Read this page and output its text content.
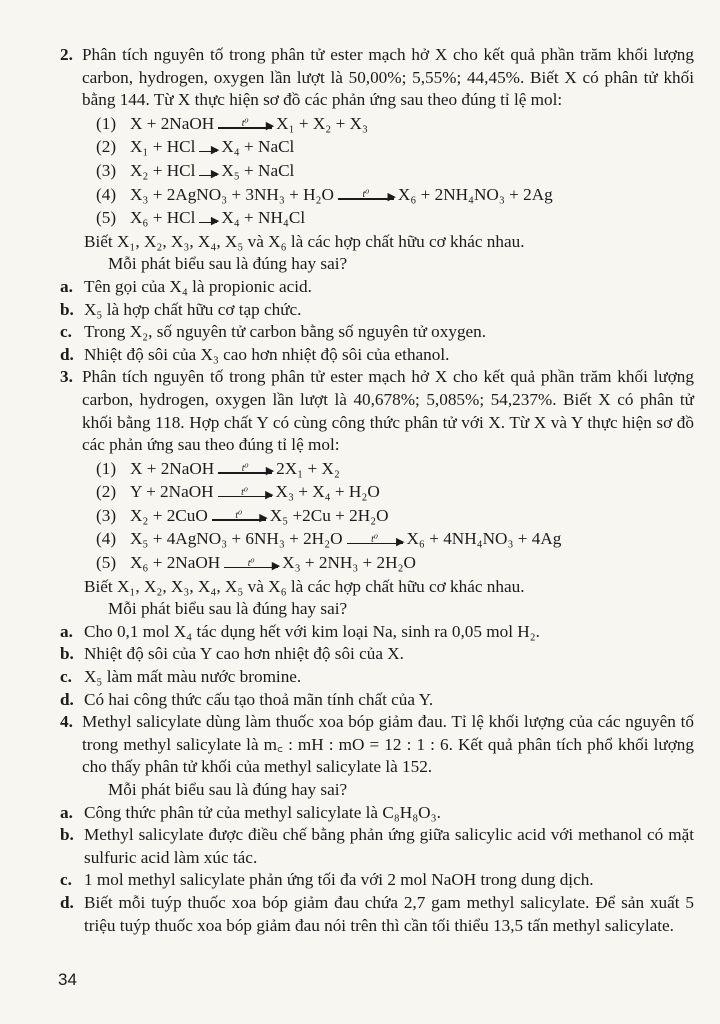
2. Phân tích nguyên tố trong phân tử ester mạch hở X cho kết quả phần trăm khối lượng carbon, hydrogen, oxygen lần lượt là 50,00%; 5,55%; 44,45%. Biết X có phân tử khối bằng 144. Từ X thực hiện sơ đồ các phản ứng sau theo đúng tỉ lệ mol:
(1) X + 2NaOH	t⁰ ▶ X₁ + X₂ + X₃
(2) X₁ + HCl ▶ X₄ + NaCl
(3) X₂ + HCl ▶ X₅ + NaCl
(4) X₃ + 2AgNO₃ + 3NH₃ + H₂O	t⁰ ▶ X₆ + 2NH₄NO₃ + 2Ag
(5) X₆ + HCl ▶ X₄ + NH₄Cl
Biết X₁, X₂, X₃, X₄, X₅ và X₆ là các hợp chất hữu cơ khác nhau.
Mỗi phát biểu sau là đúng hay sai?
a. Tên gọi của X₄ là propionic acid.
b. X₅ là hợp chất hữu cơ tạp chức.
c. Trong X₂, số nguyên tử carbon bằng số nguyên tử oxygen.
d. Nhiệt độ sôi của X₃ cao hơn nhiệt độ sôi của ethanol.
3. Phân tích nguyên tố trong phân tử ester mạch hở X cho kết quả phần trăm khối lượng carbon, hydrogen, oxygen lần lượt là 40,678%; 5,085%; 54,237%. Biết X có phân tử khối bằng 118. Hợp chất Y có cùng công thức phân tử với X. Từ X và Y thực hiện sơ đồ các phản ứng sau theo đúng tỉ lệ mol:
(1) X + 2NaOH	t⁰ ▶ 2X₁ + X₂
(2) Y + 2NaOH	t⁰ ▶ X₃ + X₄ + H₂O
(3) X₂ + 2CuO	t⁰ ▶ X₅ +2Cu + 2H₂O
(4) X₅ + 4AgNO₃ + 6NH₃ + 2H₂O	t⁰ ▶ X₆ + 4NH₄NO₃ + 4Ag
(5) X₆ + 2NaOH	t⁰ ▶ X₃ + 2NH₃ + 2H₂O
Biết X₁, X₂, X₃, X₄, X₅ và X₆ là các hợp chất hữu cơ khác nhau.
Mỗi phát biểu sau là đúng hay sai?
a. Cho 0,1 mol X₄ tác dụng hết với kim loại Na, sinh ra 0,05 mol H₂.
b. Nhiệt độ sôi của Y cao hơn nhiệt độ sôi của X.
c. X₅ làm mất màu nước bromine.
d. Có hai công thức cấu tạo thoả mãn tính chất của Y.
4. Methyl salicylate dùng làm thuốc xoa bóp giảm đau. Tỉ lệ khối lượng của các nguyên tố trong methyl salicylate là m꜀ : mH : mO = 12 : 1 : 6. Kết quả phân tích phổ khối lượng cho thấy phân tử khối của methyl salicylate là 152.
Mỗi phát biểu sau là đúng hay sai?
a. Công thức phân tử của methyl salicylate là C₈H₈O₃.
b. Methyl salicylate được điều chế bằng phản ứng giữa salicylic acid với methanol có mặt sulfuric acid làm xúc tác.
c. 1 mol methyl salicylate phản ứng tối đa với 2 mol NaOH trong dung dịch.
d. Biết mỗi tuýp thuốc xoa bóp giảm đau chứa 2,7 gam methyl salicylate. Để sản xuất 5 triệu tuýp thuốc xoa bóp giảm đau nói trên thì cần tối thiểu 13,5 tấn methyl salicylate.
34
